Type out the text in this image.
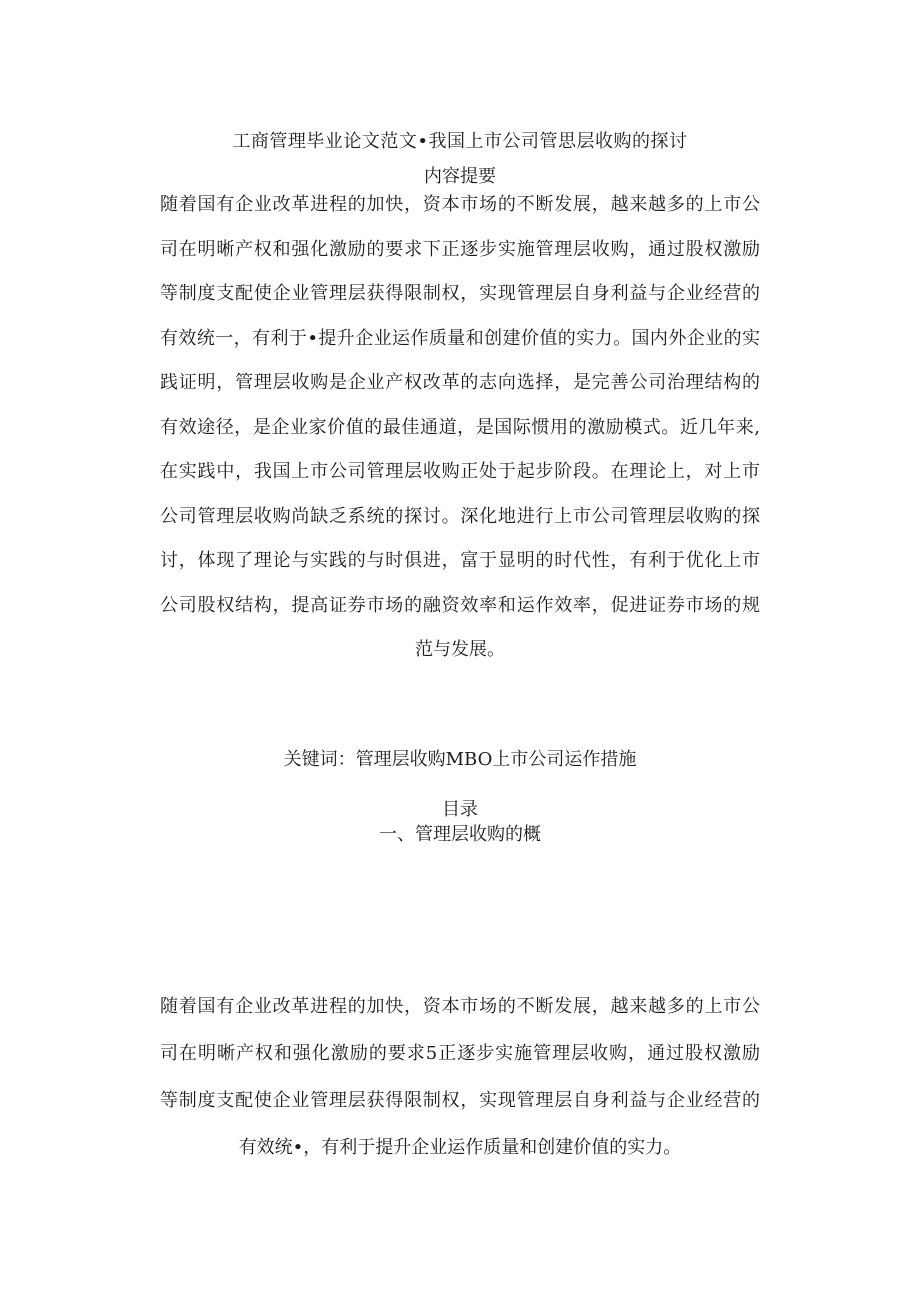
工商管理毕业论文范文•我国上市公司管思层收购的探讨
内容提要
随着国有企业改革进程的加快，资本市场的不断发展，越来越多的上市公
司在明晰产权和强化激励的要求下正逐步实施管理层收购，通过股权激励
等制度支配使企业管理层获得限制权，实现管理层自身利益与企业经营的
有效统一，有利于•提升企业运作质量和创建价值的实力。国内外企业的实
践证明，管理层收购是企业产权改革的志向选择，是完善公司治理结构的
有效途径，是企业家价值的最佳通道，是国际惯用的激励模式。近几年来,
在实践中，我国上市公司管理层收购正处于起步阶段。在理论上，对上市
公司管理层收购尚缺乏系统的探讨。深化地进行上市公司管理层收购的探
讨，体现了理论与实践的与时俱进，富于显明的时代性，有利于优化上市
公司股权结构，提高证券市场的融资效率和运作效率，促进证券市场的规
范与发展。
关键词：管理层收购MBO上市公司运作措施
目录
一、管理层收购的概
随着国有企业改革进程的加快，资本市场的不断发展，越来越多的上市公
司在明晰产权和强化激励的要求5正逐步实施管理层收购，通过股权激励
等制度支配使企业管理层获得限制权，实现管理层自身利益与企业经营的
有效统•，有利于提升企业运作质量和创建价值的实力。
